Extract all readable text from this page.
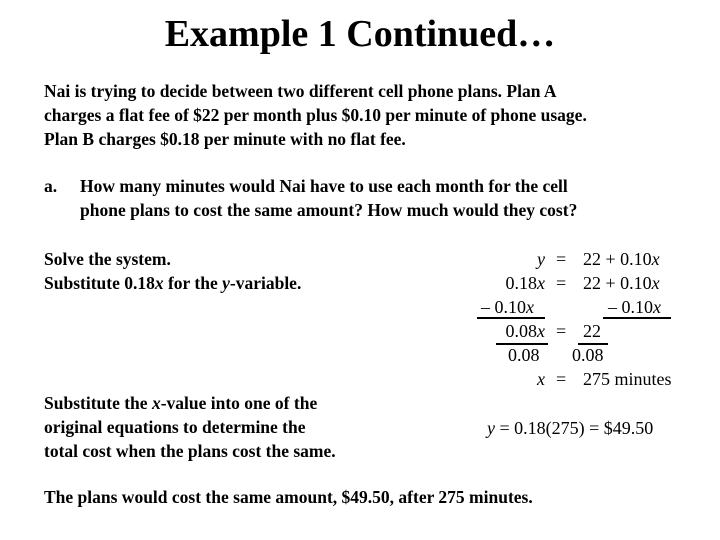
Example 1 Continued…
Nai is trying to decide between two different cell phone plans. Plan A
charges a flat fee of $22 per month plus $0.10 per minute of phone usage.
Plan B charges $0.18 per minute with no flat fee.
a. How many minutes would Nai have to use each month for the cell
phone plans to cost the same amount? How much would they cost?
Solve the system.
Substitute 0.18x for the y-variable.
y = 22 + 0.10x
0.18x = 22 + 0.10x
– 0.10x	– 0.10x
0.08x = 22
0.08 0.08
x = 275 minutes
Substitute the x-value into one of the
original equations to determine the
total cost when the plans cost the same.
y = 0.18(275) = $49.50
The plans would cost the same amount, $49.50, after 275 minutes.
